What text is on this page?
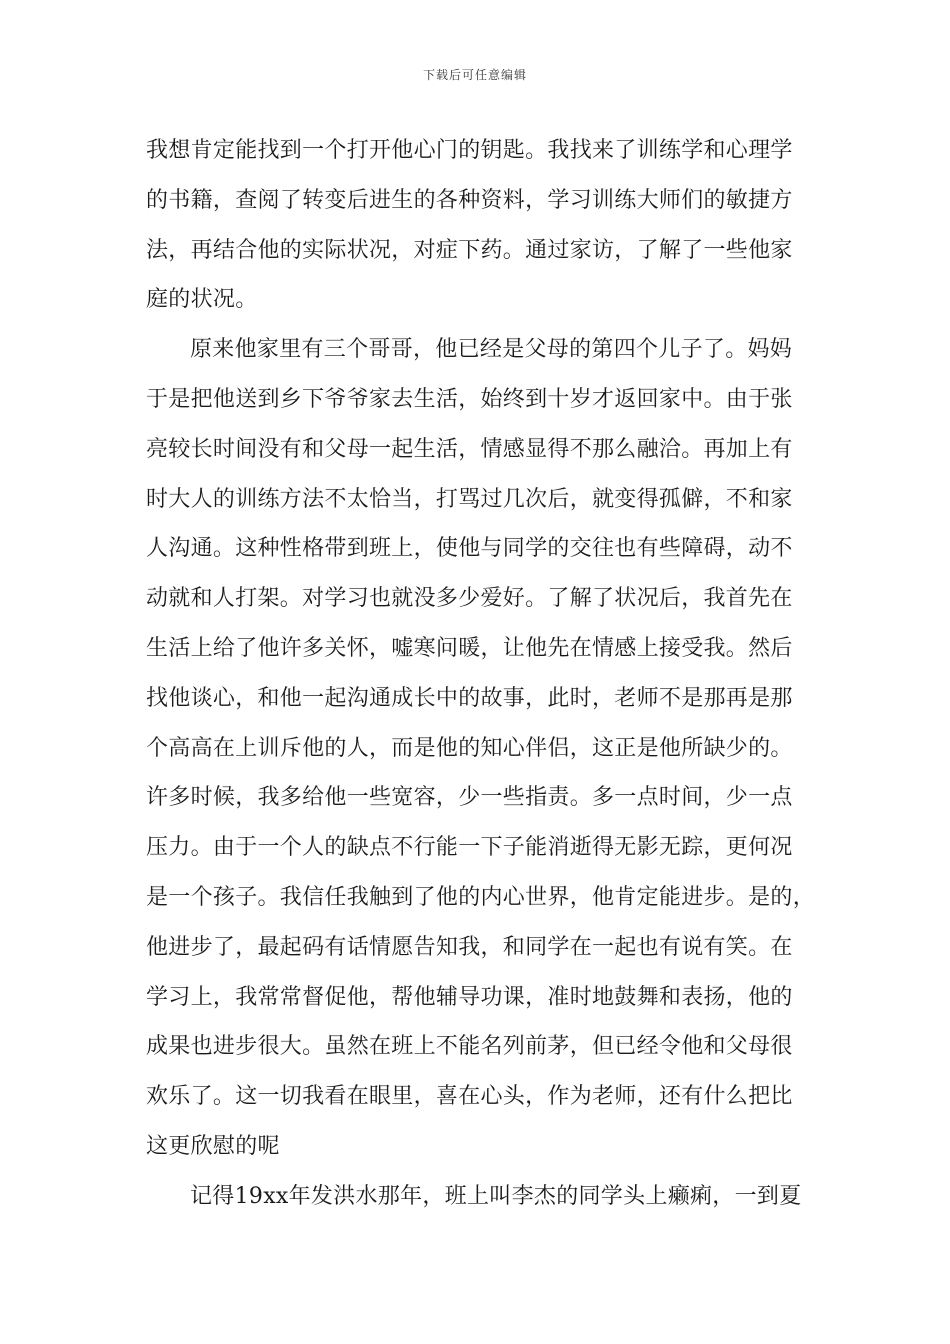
下载后可任意编辑
我想肯定能找到一个打开他心门的钥匙。我找来了训练学和心理学
的书籍，查阅了转变后进生的各种资料，学习训练大师们的敏捷方
法，再结合他的实际状况，对症下药。通过家访，了解了一些他家
庭的状况。
原来他家里有三个哥哥，他已经是父母的第四个儿子了。妈妈
于是把他送到乡下爷爷家去生活，始终到十岁才返回家中。由于张
亮较长时间没有和父母一起生活，情感显得不那么融洽。再加上有
时大人的训练方法不太恰当，打骂过几次后，就变得孤僻，不和家
人沟通。这种性格带到班上，使他与同学的交往也有些障碍，动不
动就和人打架。对学习也就没多少爱好。了解了状况后，我首先在
生活上给了他许多关怀，嘘寒问暖，让他先在情感上接受我。然后
找他谈心，和他一起沟通成长中的故事，此时，老师不是那再是那
个高高在上训斥他的人，而是他的知心伴侣，这正是他所缺少的。
许多时候，我多给他一些宽容，少一些指责。多一点时间，少一点
压力。由于一个人的缺点不行能一下子能消逝得无影无踪，更何况
是一个孩子。我信任我触到了他的内心世界，他肯定能进步。是的，
他进步了，最起码有话情愿告知我，和同学在一起也有说有笑。在
学习上，我常常督促他，帮他辅导功课，准时地鼓舞和表扬，他的
成果也进步很大。虽然在班上不能名列前茅，但已经令他和父母很
欢乐了。这一切我看在眼里，喜在心头，作为老师，还有什么把比
这更欣慰的呢
记得19xx年发洪水那年，班上叫李杰的同学头上癞痢，一到夏
